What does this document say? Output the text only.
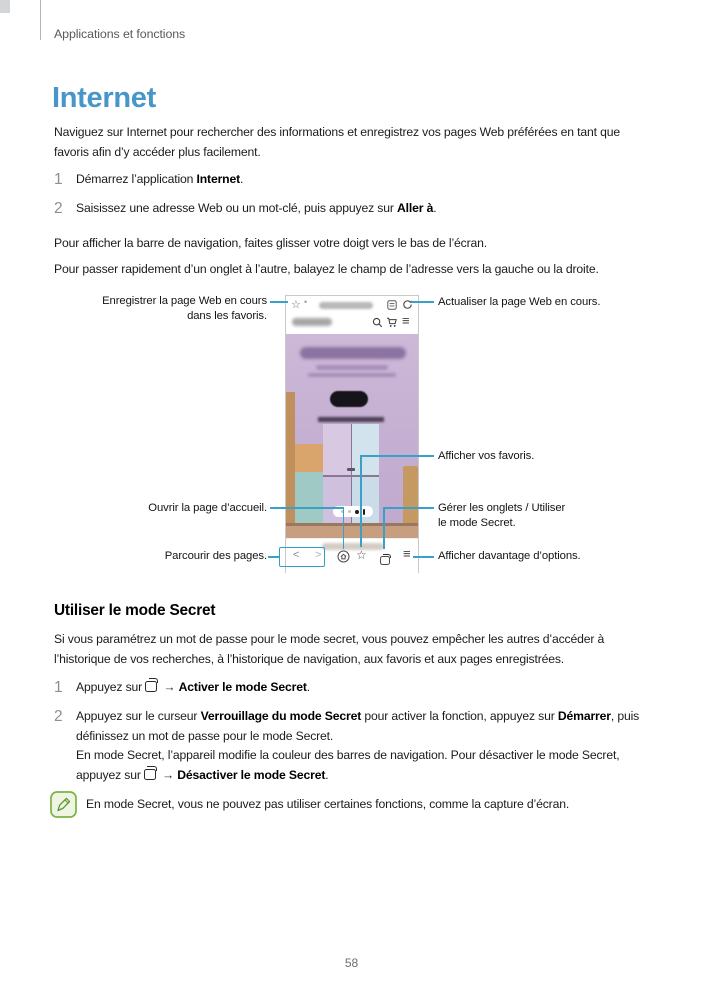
Applications et fonctions
Internet
Naviguez sur Internet pour rechercher des informations et enregistrez vos pages Web préférées en tant que favoris afin d’y accéder plus facilement.
1	Démarrez l’application Internet.
2	Saisissez une adresse Web ou un mot-clé, puis appuyez sur Aller à.
Pour afficher la barre de navigation, faites glisser votre doigt vers le bas de l’écran.
Pour passer rapidement d’un onglet à l’autre, balayez le champ de l’adresse vers la gauche ou la droite.
☆ •
≡
< >	☆	≡
Enregistrer la page Web en cours dans les favoris.
Actualiser la page Web en cours.
Afficher vos favoris.
Ouvrir la page d’accueil.	Gérer les onglets / Utiliser le mode Secret.
Parcourir des pages.	Afficher davantage d’options.
Utiliser le mode Secret
Si vous paramétrez un mot de passe pour le mode secret, vous pouvez empêcher les autres d’accéder à l’historique de vos recherches, à l’historique de navigation, aux favoris et aux pages enregistrées.
1	Appuyez sur → Activer le mode Secret.
2	Appuyez sur le curseur Verrouillage du mode Secret pour activer la fonction, appuyez sur Démarrer, puis définissez un mot de passe pour le mode Secret.

En mode Secret, l’appareil modifie la couleur des barres de navigation. Pour désactiver le mode Secret, appuyez sur → Désactiver le mode Secret.

En mode Secret, vous ne pouvez pas utiliser certaines fonctions, comme la capture d’écran.
58
